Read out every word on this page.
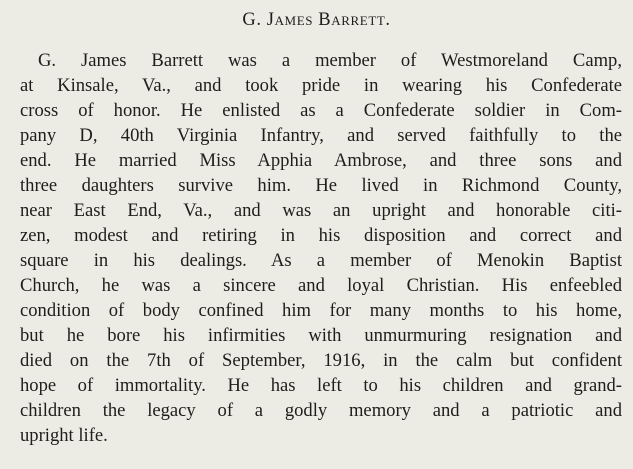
G. James Barrett.
G. James Barrett was a member of Westmoreland Camp,
at Kinsale, Va., and took pride in wearing his Confederate
cross of honor. He enlisted as a Confederate soldier in Com-
pany D, 40th Virginia Infantry, and served faithfully to the
end. He married Miss Apphia Ambrose, and three sons and
three daughters survive him. He lived in Richmond County,
near East End, Va., and was an upright and honorable citi-
zen, modest and retiring in his disposition and correct and
square in his dealings. As a member of Menokin Baptist
Church, he was a sincere and loyal Christian. His enfeebled
condition of body confined him for many months to his home,
but he bore his infirmities with unmurmuring resignation and
died on the 7th of September, 1916, in the calm but confident
hope of immortality. He has left to his children and grand-
children the legacy of a godly memory and a patriotic and
upright life.
